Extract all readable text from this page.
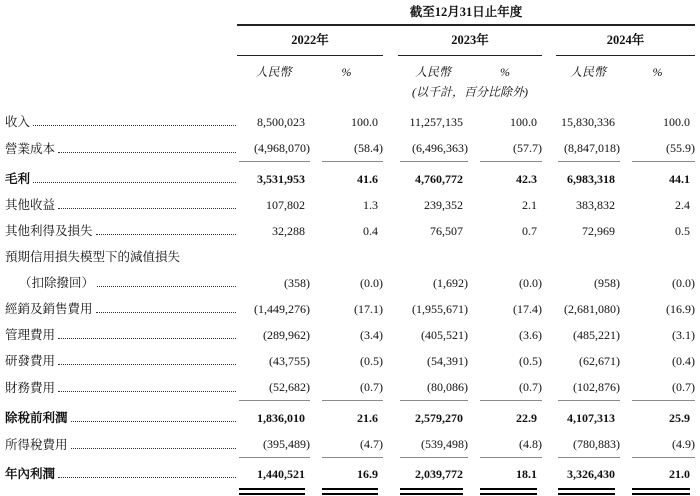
截至12月31日止年度
2022年	2023年	2024年
人民幣	%	人民幣	%	人民幣	%
(以千計，百分比除外)
收入	8,500,023	100.0	11,257,135	100.0	15,830,336	100.0
營業成本	(4,968,070)	(58.4)	(6,496,363)	(57.7)	(8,847,018)	(55.9)
毛利	3,531,953	41.6	4,760,772	42.3	6,983,318	44.1
其他收益	107,802	1.3	239,352	2.1	383,832	2.4
其他利得及損失	32,288	0.4	76,507	0.7	72,969	0.5
預期信用損失模型下的減值損失
（扣除撥回）	(358)	(0.0)	(1,692)	(0.0)	(958)	(0.0)
經銷及銷售費用	(1,449,276)	(17.1)	(1,955,671)	(17.4)	(2,681,080)	(16.9)
管理費用	(289,962)	(3.4)	(405,521)	(3.6)	(485,221)	(3.1)
研發費用	(43,755)	(0.5)	(54,391)	(0.5)	(62,671)	(0.4)
財務費用	(52,682)	(0.7)	(80,086)	(0.7)	(102,876)	(0.7)
除稅前利潤	1,836,010	21.6	2,579,270	22.9	4,107,313	25.9
所得稅費用	(395,489)	(4.7)	(539,498)	(4.8)	(780,883)	(4.9)
年內利潤	1,440,521	16.9	2,039,772	18.1	3,326,430	21.0
